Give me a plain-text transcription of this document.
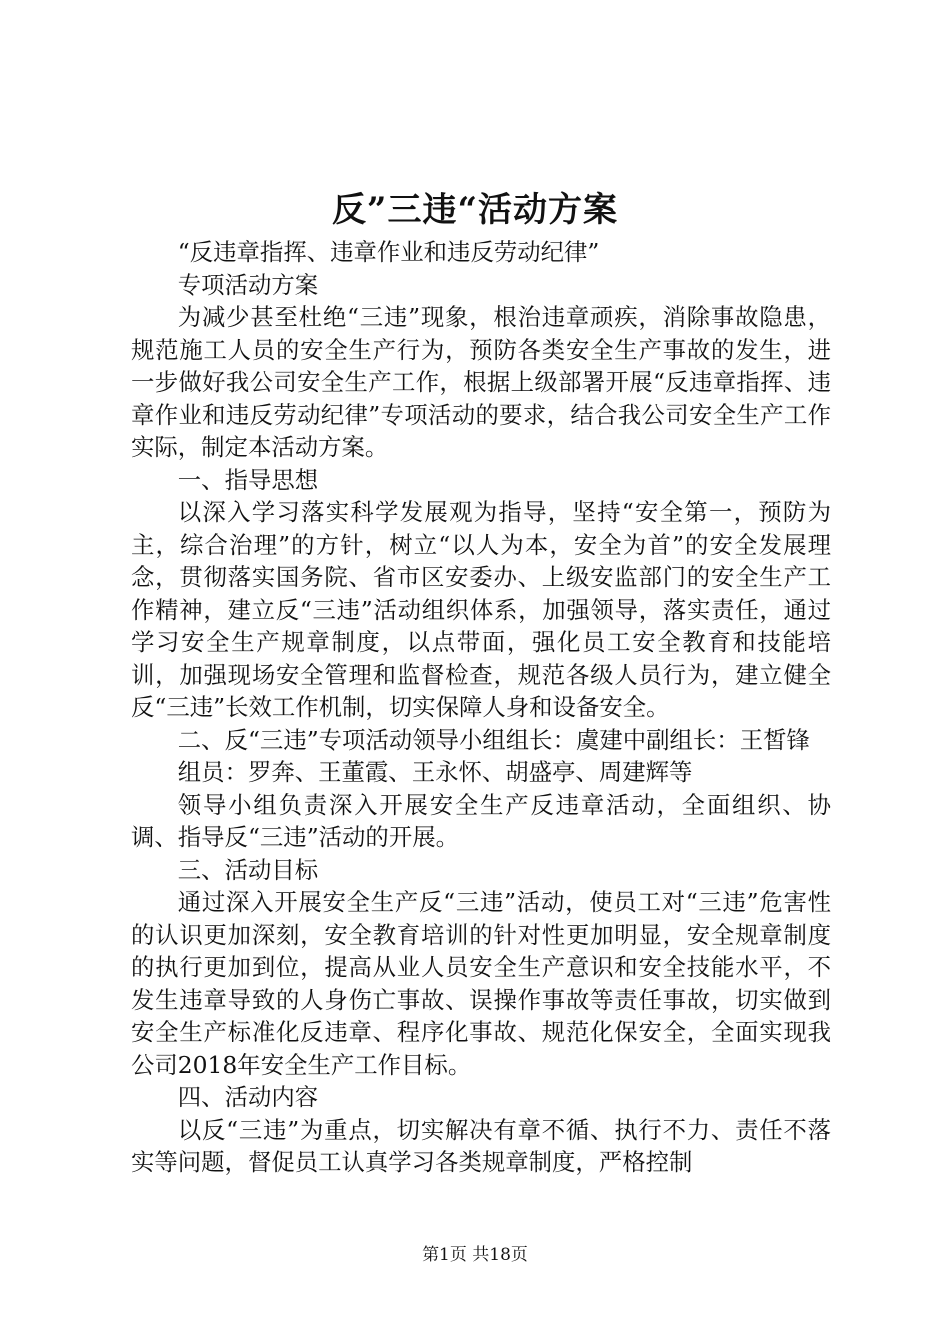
反”三违“活动方案

“反违章指挥、违章作业和违反劳动纪律”

专项活动方案

为减少甚至杜绝“三违”现象，根治违章顽疾，消除事故隐患，规范施工人员的安全生产行为，预防各类安全生产事故的发生，进一步做好我公司安全生产工作，根据上级部署开展“反违章指挥、违章作业和违反劳动纪律”专项活动的要求，结合我公司安全生产工作实际，制定本活动方案。

一、指导思想

以深入学习落实科学发展观为指导，坚持“安全第一，预防为主，综合治理”的方针，树立“以人为本，安全为首”的安全发展理念，贯彻落实国务院、省市区安委办、上级安监部门的安全生产工作精神，建立反“三违”活动组织体系，加强领导，落实责任，通过学习安全生产规章制度，以点带面，强化员工安全教育和技能培训，加强现场安全管理和监督检查，规范各级人员行为，建立健全反“三违”长效工作机制，切实保障人身和设备安全。

二、反“三违”专项活动领导小组组长：虞建中副组长：王皙锋

组员：罗奔、王董霞、王永怀、胡盛亭、周建辉等

领导小组负责深入开展安全生产反违章活动，全面组织、协调、指导反“三违”活动的开展。

三、活动目标

通过深入开展安全生产反“三违”活动，使员工对“三违”危害性的认识更加深刻，安全教育培训的针对性更加明显，安全规章制度的执行更加到位，提高从业人员安全生产意识和安全技能水平，不发生违章导致的人身伤亡事故、误操作事故等责任事故，切实做到安全生产标准化反违章、程序化事故、规范化保安全，全面实现我公司2018年安全生产工作目标。

四、活动内容

以反“三违”为重点，切实解决有章不循、执行不力、责任不落实等问题，督促员工认真学习各类规章制度，严格控制

第1页 共18页
